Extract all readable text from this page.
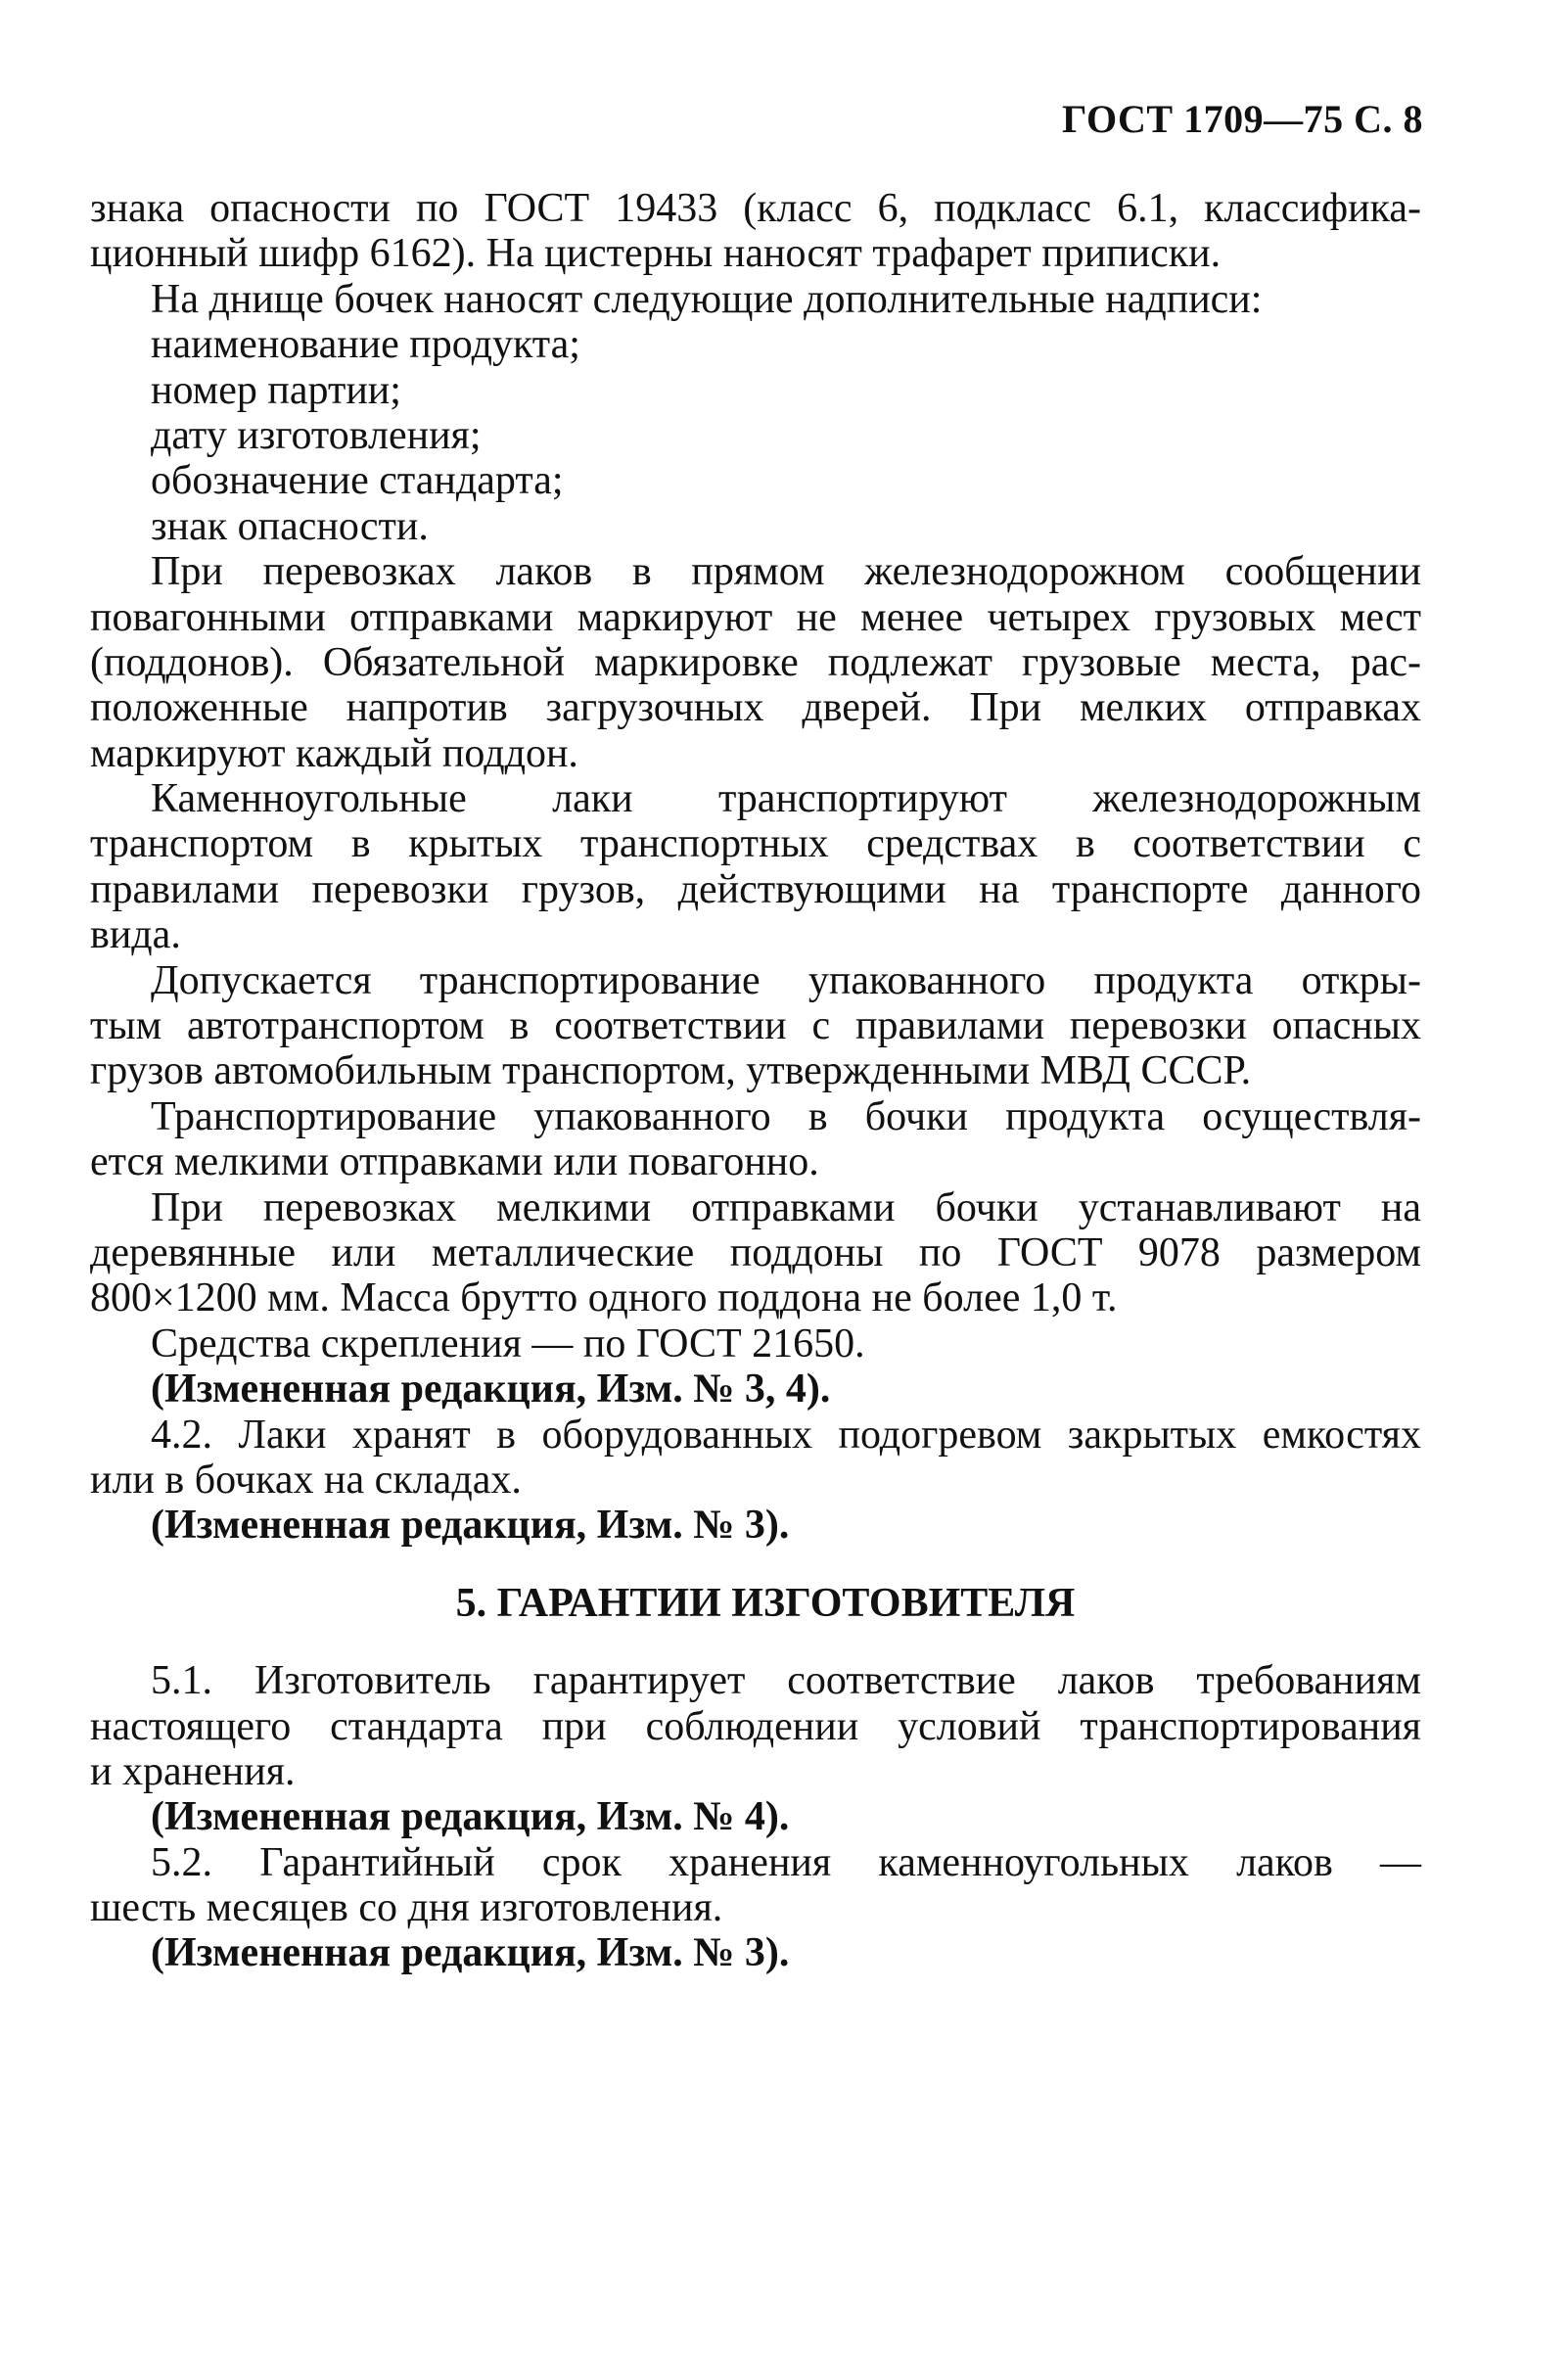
ГОСТ 1709—75 С. 8
знака опасности по ГОСТ 19433 (класс 6, подкласс 6.1, классифика-
ционный шифр 6162). На цистерны наносят трафарет приписки.
На днище бочек наносят следующие дополнительные надписи:
наименование продукта;
номер партии;
дату изготовления;
обозначение стандарта;
знак опасности.
При перевозках лаков в прямом железнодорожном сообщении
повагонными отправками маркируют не менее четырех грузовых мест
(поддонов). Обязательной маркировке подлежат грузовые места, рас-
положенные напротив загрузочных дверей. При мелких отправках
маркируют каждый поддон.
Каменноугольные лаки транспортируют железнодорожным
транспортом в крытых транспортных средствах в соответствии с
правилами перевозки грузов, действующими на транспорте данного
вида.
Допускается транспортирование упакованного продукта откры-
тым автотранспортом в соответствии с правилами перевозки опасных
грузов автомобильным транспортом, утвержденными МВД СССР.
Транспортирование упакованного в бочки продукта осуществля-
ется мелкими отправками или повагонно.
При перевозках мелкими отправками бочки устанавливают на
деревянные или металлические поддоны по ГОСТ 9078 размером
800×1200 мм. Масса брутто одного поддона не более 1,0 т.
Средства скрепления — по ГОСТ 21650.
(Измененная редакция, Изм. № 3, 4).
4.2. Лаки хранят в оборудованных подогревом закрытых емкостях
или в бочках на складах.
(Измененная редакция, Изм. № 3).
5. ГАРАНТИИ ИЗГОТОВИТЕЛЯ
5.1. Изготовитель гарантирует соответствие лаков требованиям
настоящего стандарта при соблюдении условий транспортирования
и хранения.
(Измененная редакция, Изм. № 4).
5.2. Гарантийный срок хранения каменноугольных лаков —
шесть месяцев со дня изготовления.
(Измененная редакция, Изм. № 3).
